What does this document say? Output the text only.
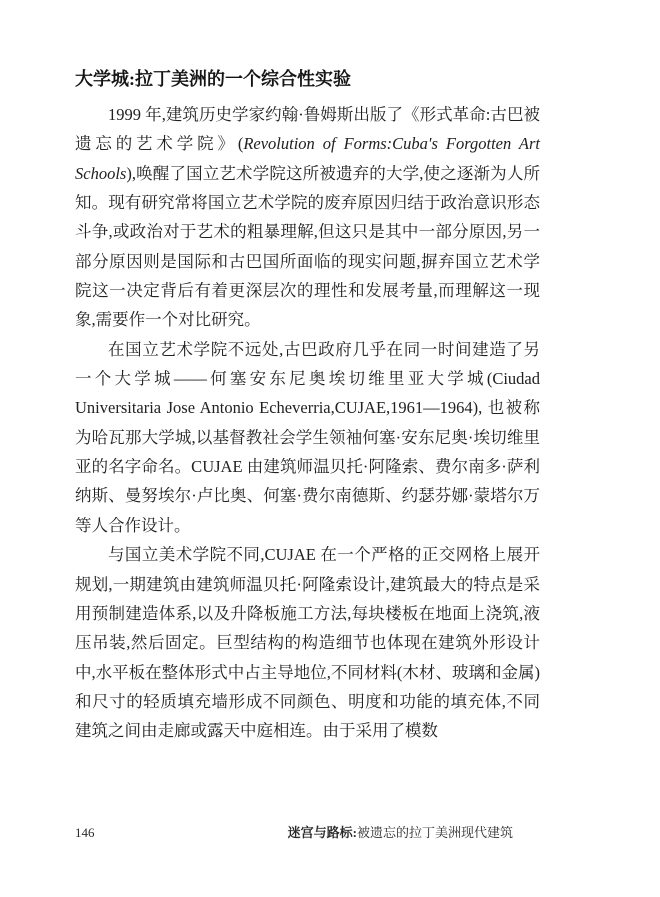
大学城:拉丁美洲的一个综合性实验

1999 年,建筑历史学家约翰·鲁姆斯出版了《形式革命:古巴被遗忘的艺术学院》(Revolution of Forms:Cuba's Forgotten Art Schools),唤醒了国立艺术学院这所被遗弃的大学,使之逐渐为人所知。现有研究常将国立艺术学院的废弃原因归结于政治意识形态斗争,或政治对于艺术的粗暴理解,但这只是其中一部分原因,另一部分原因则是国际和古巴国所面临的现实问题,摒弃国立艺术学院这一决定背后有着更深层次的理性和发展考量,而理解这一现象,需要作一个对比研究。

在国立艺术学院不远处,古巴政府几乎在同一时间建造了另一个大学城——何塞安东尼奥埃切维里亚大学城(Ciudad Universitaria Jose Antonio Echeverria,CUJAE,1961—1964), 也被称为哈瓦那大学城,以基督教社会学生领袖何塞·安东尼奥·埃切维里亚的名字命名。CUJAE 由建筑师温贝托·阿隆索、费尔南多·萨利纳斯、曼努埃尔·卢比奥、何塞·费尔南德斯、约瑟芬娜·蒙塔尔万等人合作设计。

与国立美术学院不同,CUJAE 在一个严格的正交网格上展开规划,一期建筑由建筑师温贝托·阿隆索设计,建筑最大的特点是采用预制建造体系,以及升降板施工方法,每块楼板在地面上浇筑,液压吊装,然后固定。巨型结构的构造细节也体现在建筑外形设计中,水平板在整体形式中占主导地位,不同材料(木材、玻璃和金属)和尺寸的轻质填充墙形成不同颜色、明度和功能的填充体,不同建筑之间由走廊或露天中庭相连。由于采用了模数

146	迷宫与路标:被遗忘的拉丁美洲现代建筑
